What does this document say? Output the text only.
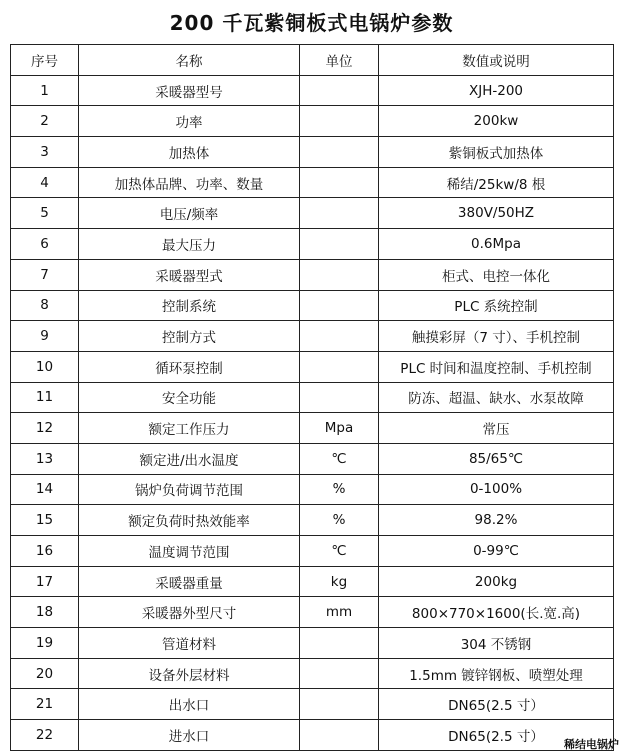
200 千瓦紫铜板式电锅炉参数
序号	名称	单位	数值或说明
1	采暖器型号		XJH-200
2	功率		200kw
3	加热体		紫铜板式加热体
4	加热体品牌、功率、数量		稀结/25kw/8 根
5	电压/频率		380V/50HZ
6	最大压力		0.6Mpa
7	采暖器型式		柜式、电控一体化
8	控制系统		PLC 系统控制
9	控制方式		触摸彩屏（7 寸）、手机控制
10	循环泵控制		PLC 时间和温度控制、手机控制
11	安全功能		防冻、超温、缺水、水泵故障
12	额定工作压力	Mpa	常压
13	额定进/出水温度	℃	85/65℃
14	锅炉负荷调节范围	%	0-100%
15	额定负荷时热效能率	%	98.2%
16	温度调节范围	℃	0-99℃
17	采暖器重量	kg	200kg
18	采暖器外型尺寸	mm	800×770×1600(长.宽.高)
19	管道材料		304 不锈钢
20	设备外层材料		1.5mm 镀锌钢板、喷塑处理
21	出水口		DN65(2.5 寸）
22	进水口		DN65(2.5 寸） 稀结电锅炉
